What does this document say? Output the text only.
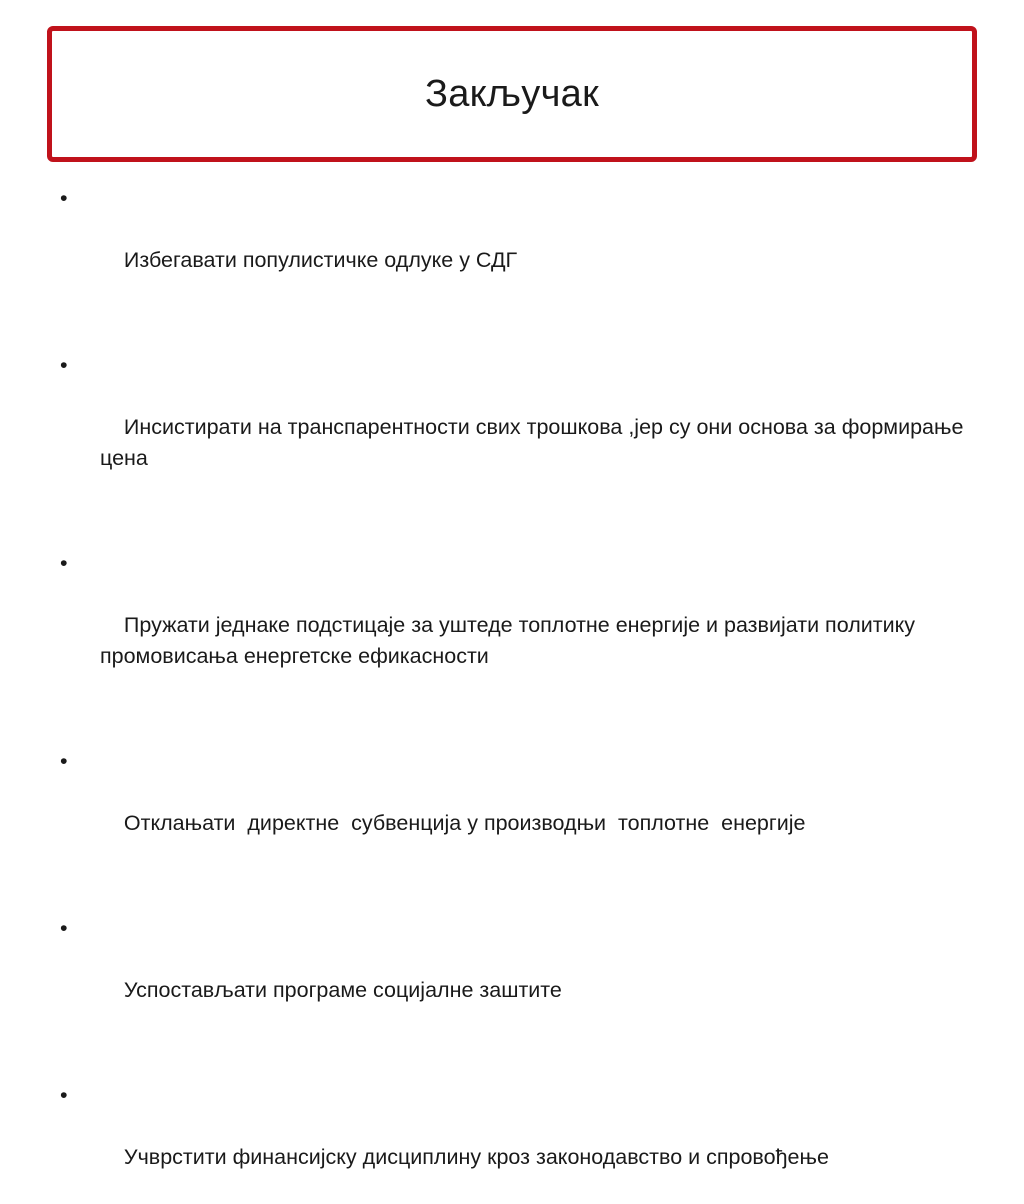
Закључак

•

Избегавати популистичке одлуке у СДГ

•

Инсистирати на транспарентности свих трошкова ,јер су они основа за формирање цена

•

Пружати једнаке подстицаје за уштеде топлотне енергије и развијати политику промовисања енергетске ефикасности

•

Отклањати  директне  субвенција у производњи  топлотне  енергије

•

Успостављати програме социјалне заштите

•

Учврстити финансијску дисциплину кроз законодавство и спровођење
